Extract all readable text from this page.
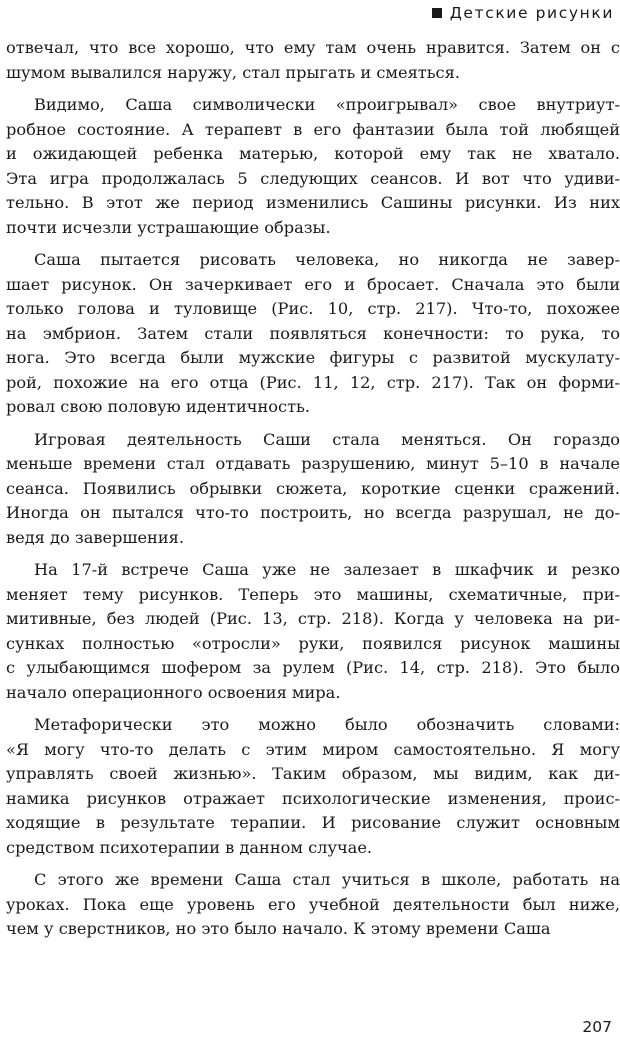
Детские рисунки
отвечал, что все хорошо, что ему там очень нравится. Затем он с
шумом вывалился наружу, стал прыгать и смеяться.
Видимо, Саша символически «проигрывал» свое внутриут-
робное состояние. А терапевт в его фантазии была той любящей
и ожидающей ребенка матерью, которой ему так не хватало.
Эта игра продолжалась 5 следующих сеансов. И вот что удиви-
тельно. В этот же период изменились Сашины рисунки. Из них
почти исчезли устрашающие образы.
Саша пытается рисовать человека, но никогда не завер-
шает рисунок. Он зачеркивает его и бросает. Сначала это были
только голова и туловище (Рис. 10, стр. 217). Что-то, похожее
на эмбрион. Затем стали появляться конечности: то рука, то
нога. Это всегда были мужские фигуры с развитой мускулату-
рой, похожие на его отца (Рис. 11, 12, стр. 217). Так он форми-
ровал свою половую идентичность.
Игровая деятельность Саши стала меняться. Он гораздо
меньше времени стал отдавать разрушению, минут 5–10 в начале
сеанса. Появились обрывки сюжета, короткие сценки сражений.
Иногда он пытался что-то построить, но всегда разрушал, не до-
ведя до завершения.
На 17-й встрече Саша уже не залезает в шкафчик и резко
меняет тему рисунков. Теперь это машины, схематичные, при-
митивные, без людей (Рис. 13, стр. 218). Когда у человека на ри-
сунках полностью «отросли» руки, появился рисунок машины
с улыбающимся шофером за рулем (Рис. 14, стр. 218). Это было
начало операционного освоения мира.
Метафорически это можно было обозначить словами:
«Я могу что-то делать с этим миром самостоятельно. Я могу
управлять своей жизнью». Таким образом, мы видим, как ди-
намика рисунков отражает психологические изменения, проис-
ходящие в результате терапии. И рисование служит основным
средством психотерапии в данном случае.
С этого же времени Саша стал учиться в школе, работать на
уроках. Пока еще уровень его учебной деятельности был ниже,
чем у сверстников, но это было начало. К этому времени Саша
207
